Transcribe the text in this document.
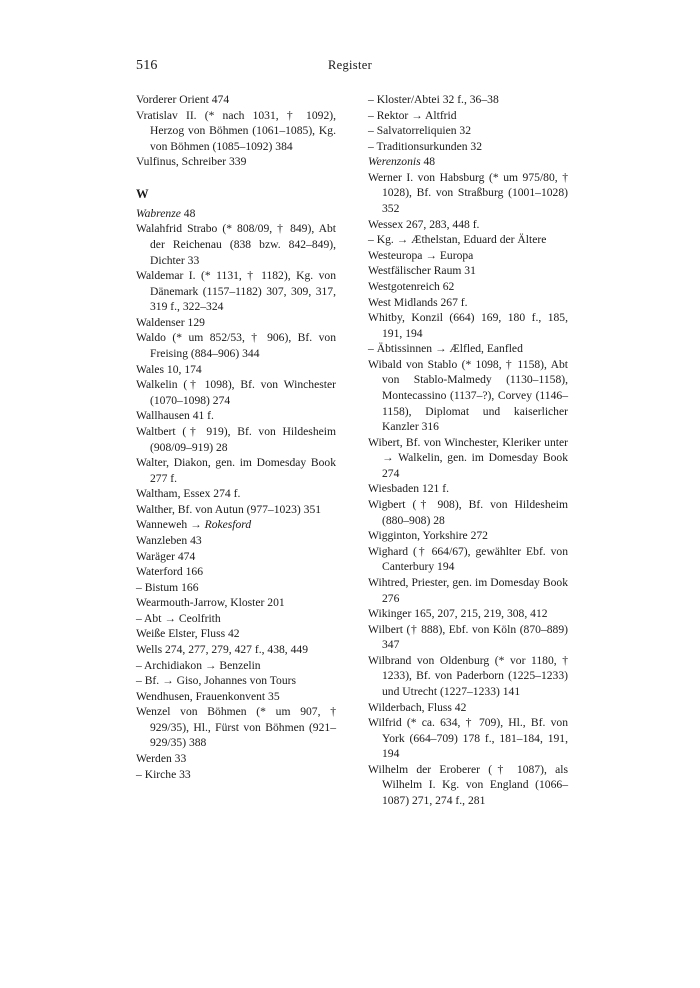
516	Register

Vorderer Orient 474

Vratislav II. (* nach 1031, † 1092), Herzog von Böhmen (1061–1085), Kg. von Böhmen (1085–1092) 384

Vulfinus, Schreiber 339

W

Wabrenze 48

Walahfrid Strabo (* 808/09, † 849), Abt der Reichenau (838 bzw. 842–849), Dichter 33

Waldemar I. (* 1131, † 1182), Kg. von Dänemark (1157–1182) 307, 309, 317, 319 f., 322–324

Waldenser 129

Waldo (* um 852/53, † 906), Bf. von Freising (884–906) 344

Wales 10, 174

Walkelin († 1098), Bf. von Winchester (1070–1098) 274

Wallhausen 41 f.

Waltbert († 919), Bf. von Hildesheim (908/09–919) 28

Walter, Diakon, gen. im Domesday Book 277 f.

Waltham, Essex 274 f.

Walther, Bf. von Autun (977–1023) 351

Wanneweh → Rokesford

Wanzleben 43

Waräger 474

Waterford 166

– Bistum 166

Wearmouth-Jarrow, Kloster 201

– Abt → Ceolfrith

Weiße Elster, Fluss 42

Wells 274, 277, 279, 427 f., 438, 449

– Archidiakon → Benzelin

– Bf. → Giso, Johannes von Tours

Wendhusen, Frauenkonvent 35

Wenzel von Böhmen (* um 907, † 929/35), Hl., Fürst von Böhmen (921–929/35) 388

Werden 33

– Kirche 33

– Kloster/Abtei 32 f., 36–38

– Rektor → Altfrid

– Salvatorreliquien 32

– Traditionsurkunden 32

Werenzonis 48

Werner I. von Habsburg (* um 975/80, † 1028), Bf. von Straßburg (1001–1028) 352

Wessex 267, 283, 448 f.

– Kg. → Æthelstan, Eduard der Ältere

Westeuropa → Europa

Westfälischer Raum 31

Westgotenreich 62

West Midlands 267 f.

Whitby, Konzil (664) 169, 180 f., 185, 191, 194

– Äbtissinnen → Ælfled, Eanfled

Wibald von Stablo (* 1098, † 1158), Abt von Stablo-Malmedy (1130–1158), Montecassino (1137–?), Corvey (1146–1158), Diplomat und kaiserlicher Kanzler 316

Wibert, Bf. von Winchester, Kleriker unter → Walkelin, gen. im Domesday Book 274

Wiesbaden 121 f.

Wigbert († 908), Bf. von Hildesheim (880–908) 28

Wigginton, Yorkshire 272

Wighard († 664/67), gewählter Ebf. von Canterbury 194

Wihtred, Priester, gen. im Domesday Book 276

Wikinger 165, 207, 215, 219, 308, 412

Wilbert († 888), Ebf. von Köln (870–889) 347

Wilbrand von Oldenburg (* vor 1180, † 1233), Bf. von Paderborn (1225–1233) und Utrecht (1227–1233) 141

Wilderbach, Fluss 42

Wilfrid (* ca. 634, † 709), Hl., Bf. von York (664–709) 178 f., 181–184, 191, 194

Wilhelm der Eroberer († 1087), als Wilhelm I. Kg. von England (1066–1087) 271, 274 f., 281
